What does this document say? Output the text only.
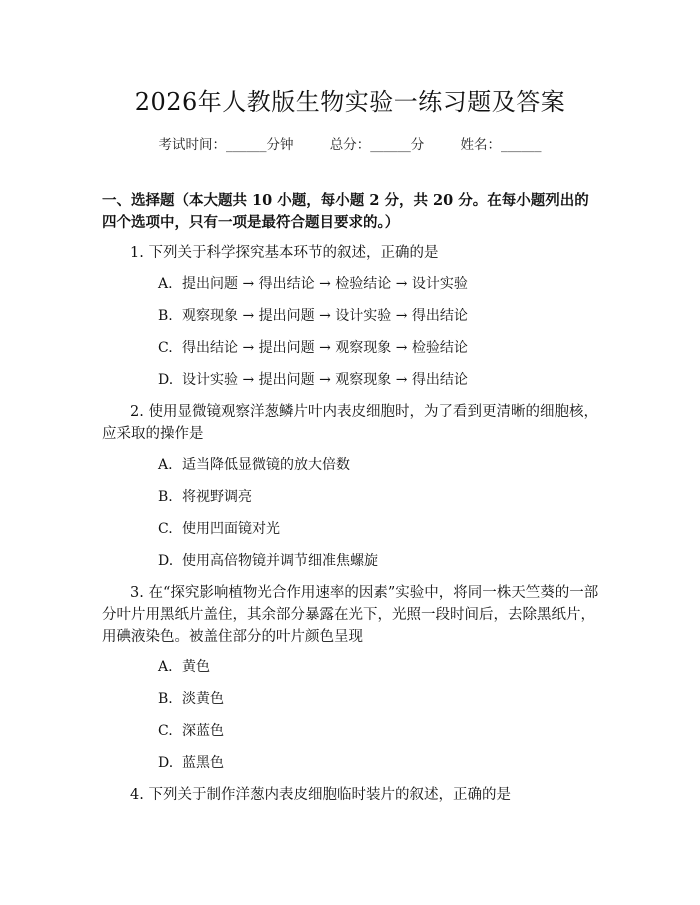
2026年人教版生物实验一练习题及答案
考试时间：______分钟	总分：______分	姓名：______
一、选择题（本大题共 10 小题，每小题 2 分，共 20 分。在每小题列出的四个选项中，只有一项是最符合题目要求的。）
1. 下列关于科学探究基本环节的叙述，正确的是
A. 提出问题 → 得出结论 → 检验结论 → 设计实验
B. 观察现象 → 提出问题 → 设计实验 → 得出结论
C. 得出结论 → 提出问题 → 观察现象 → 检验结论
D. 设计实验 → 提出问题 → 观察现象 → 得出结论
2. 使用显微镜观察洋葱鳞片叶内表皮细胞时，为了看到更清晰的细胞核，应采取的操作是
A. 适当降低显微镜的放大倍数
B. 将视野调亮
C. 使用凹面镜对光
D. 使用高倍物镜并调节细准焦螺旋
3. 在“探究影响植物光合作用速率的因素”实验中，将同一株天竺葵的一部分叶片用黑纸片盖住，其余部分暴露在光下，光照一段时间后，去除黑纸片，用碘液染色。被盖住部分的叶片颜色呈现
A. 黄色
B. 淡黄色
C. 深蓝色
D. 蓝黑色
4. 下列关于制作洋葱内表皮细胞临时装片的叙述，正确的是
